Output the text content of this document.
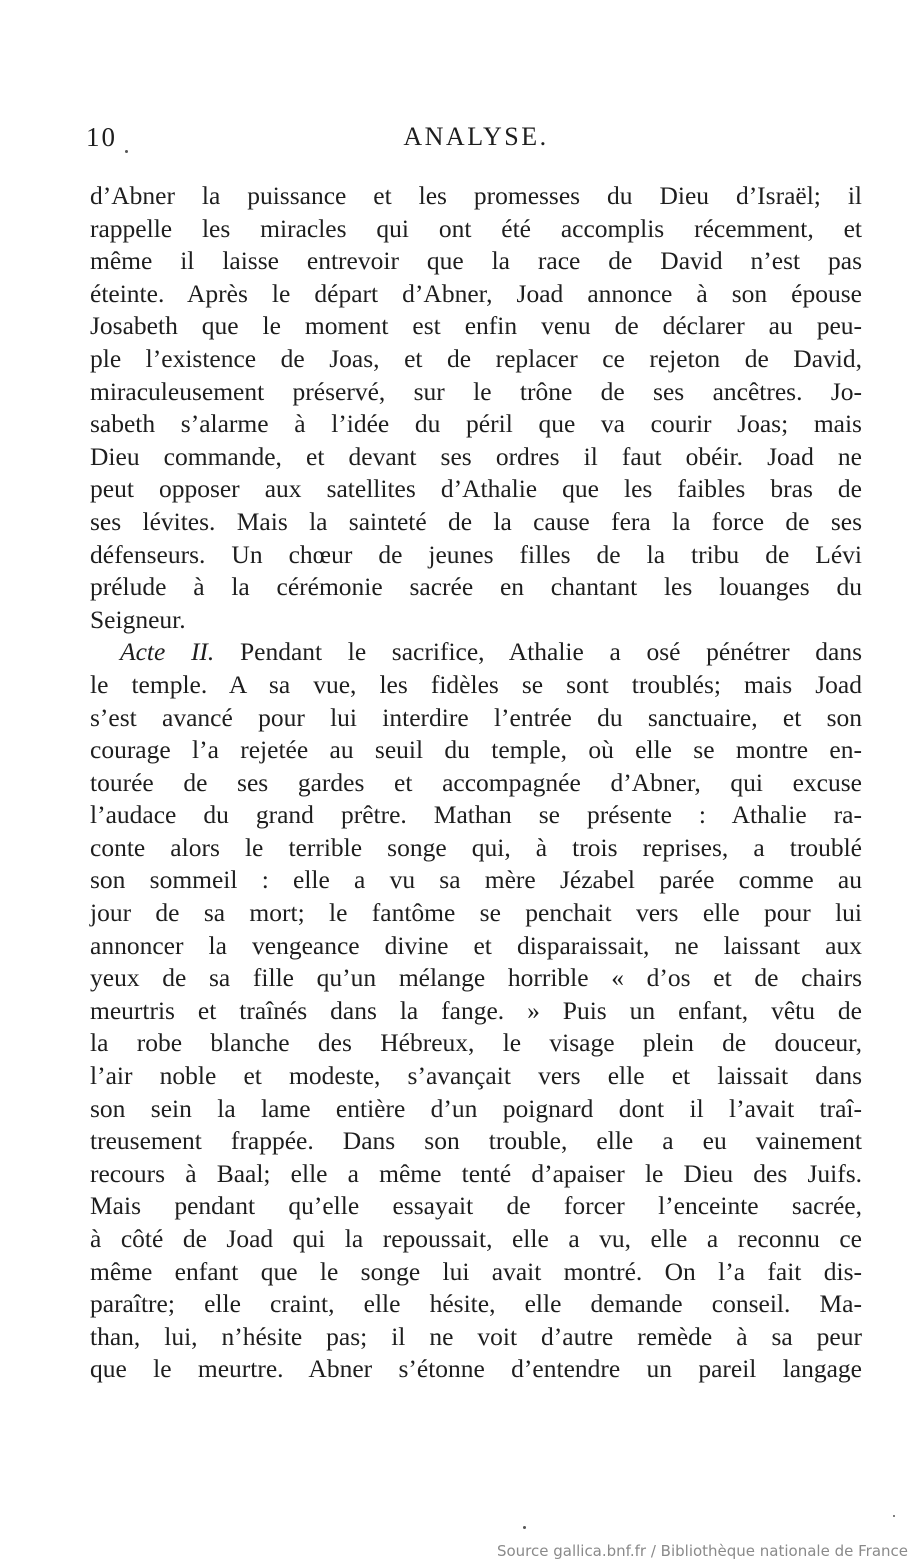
10	ANALYSE.
d’Abner la puissance et les promesses du Dieu d’Israël; il
rappelle les miracles qui ont été accomplis récemment, et
même il laisse entrevoir que la race de David n’est pas
éteinte. Après le départ d’Abner, Joad annonce à son épouse
Josabeth que le moment est enfin venu de déclarer au peu-
ple l’existence de Joas, et de replacer ce rejeton de David,
miraculeusement préservé, sur le trône de ses ancêtres. Jo-
sabeth s’alarme à l’idée du péril que va courir Joas; mais
Dieu commande, et devant ses ordres il faut obéir. Joad ne
peut opposer aux satellites d’Athalie que les faibles bras de
ses lévites. Mais la sainteté de la cause fera la force de ses
défenseurs. Un chœur de jeunes filles de la tribu de Lévi
prélude à la cérémonie sacrée en chantant les louanges du
Seigneur.
Acte II. Pendant le sacrifice, Athalie a osé pénétrer dans
le temple. A sa vue, les fidèles se sont troublés; mais Joad
s’est avancé pour lui interdire l’entrée du sanctuaire, et son
courage l’a rejetée au seuil du temple, où elle se montre en-
tourée de ses gardes et accompagnée d’Abner, qui excuse
l’audace du grand prêtre. Mathan se présente : Athalie ra-
conte alors le terrible songe qui, à trois reprises, a troublé
son sommeil : elle a vu sa mère Jézabel parée comme au
jour de sa mort; le fantôme se penchait vers elle pour lui
annoncer la vengeance divine et disparaissait, ne laissant aux
yeux de sa fille qu’un mélange horrible « d’os et de chairs
meurtris et traînés dans la fange. » Puis un enfant, vêtu de
la robe blanche des Hébreux, le visage plein de douceur,
l’air noble et modeste, s’avançait vers elle et laissait dans
son sein la lame entière d’un poignard dont il l’avait traî-
treusement frappée. Dans son trouble, elle a eu vainement
recours à Baal; elle a même tenté d’apaiser le Dieu des Juifs.
Mais pendant qu’elle essayait de forcer l’enceinte sacrée,
à côté de Joad qui la repoussait, elle a vu, elle a reconnu ce
même enfant que le songe lui avait montré. On l’a fait dis-
paraître; elle craint, elle hésite, elle demande conseil. Ma-
than, lui, n’hésite pas; il ne voit d’autre remède à sa peur
que le meurtre. Abner s’étonne d’entendre un pareil langage
Source gallica.bnf.fr / Bibliothèque nationale de France
